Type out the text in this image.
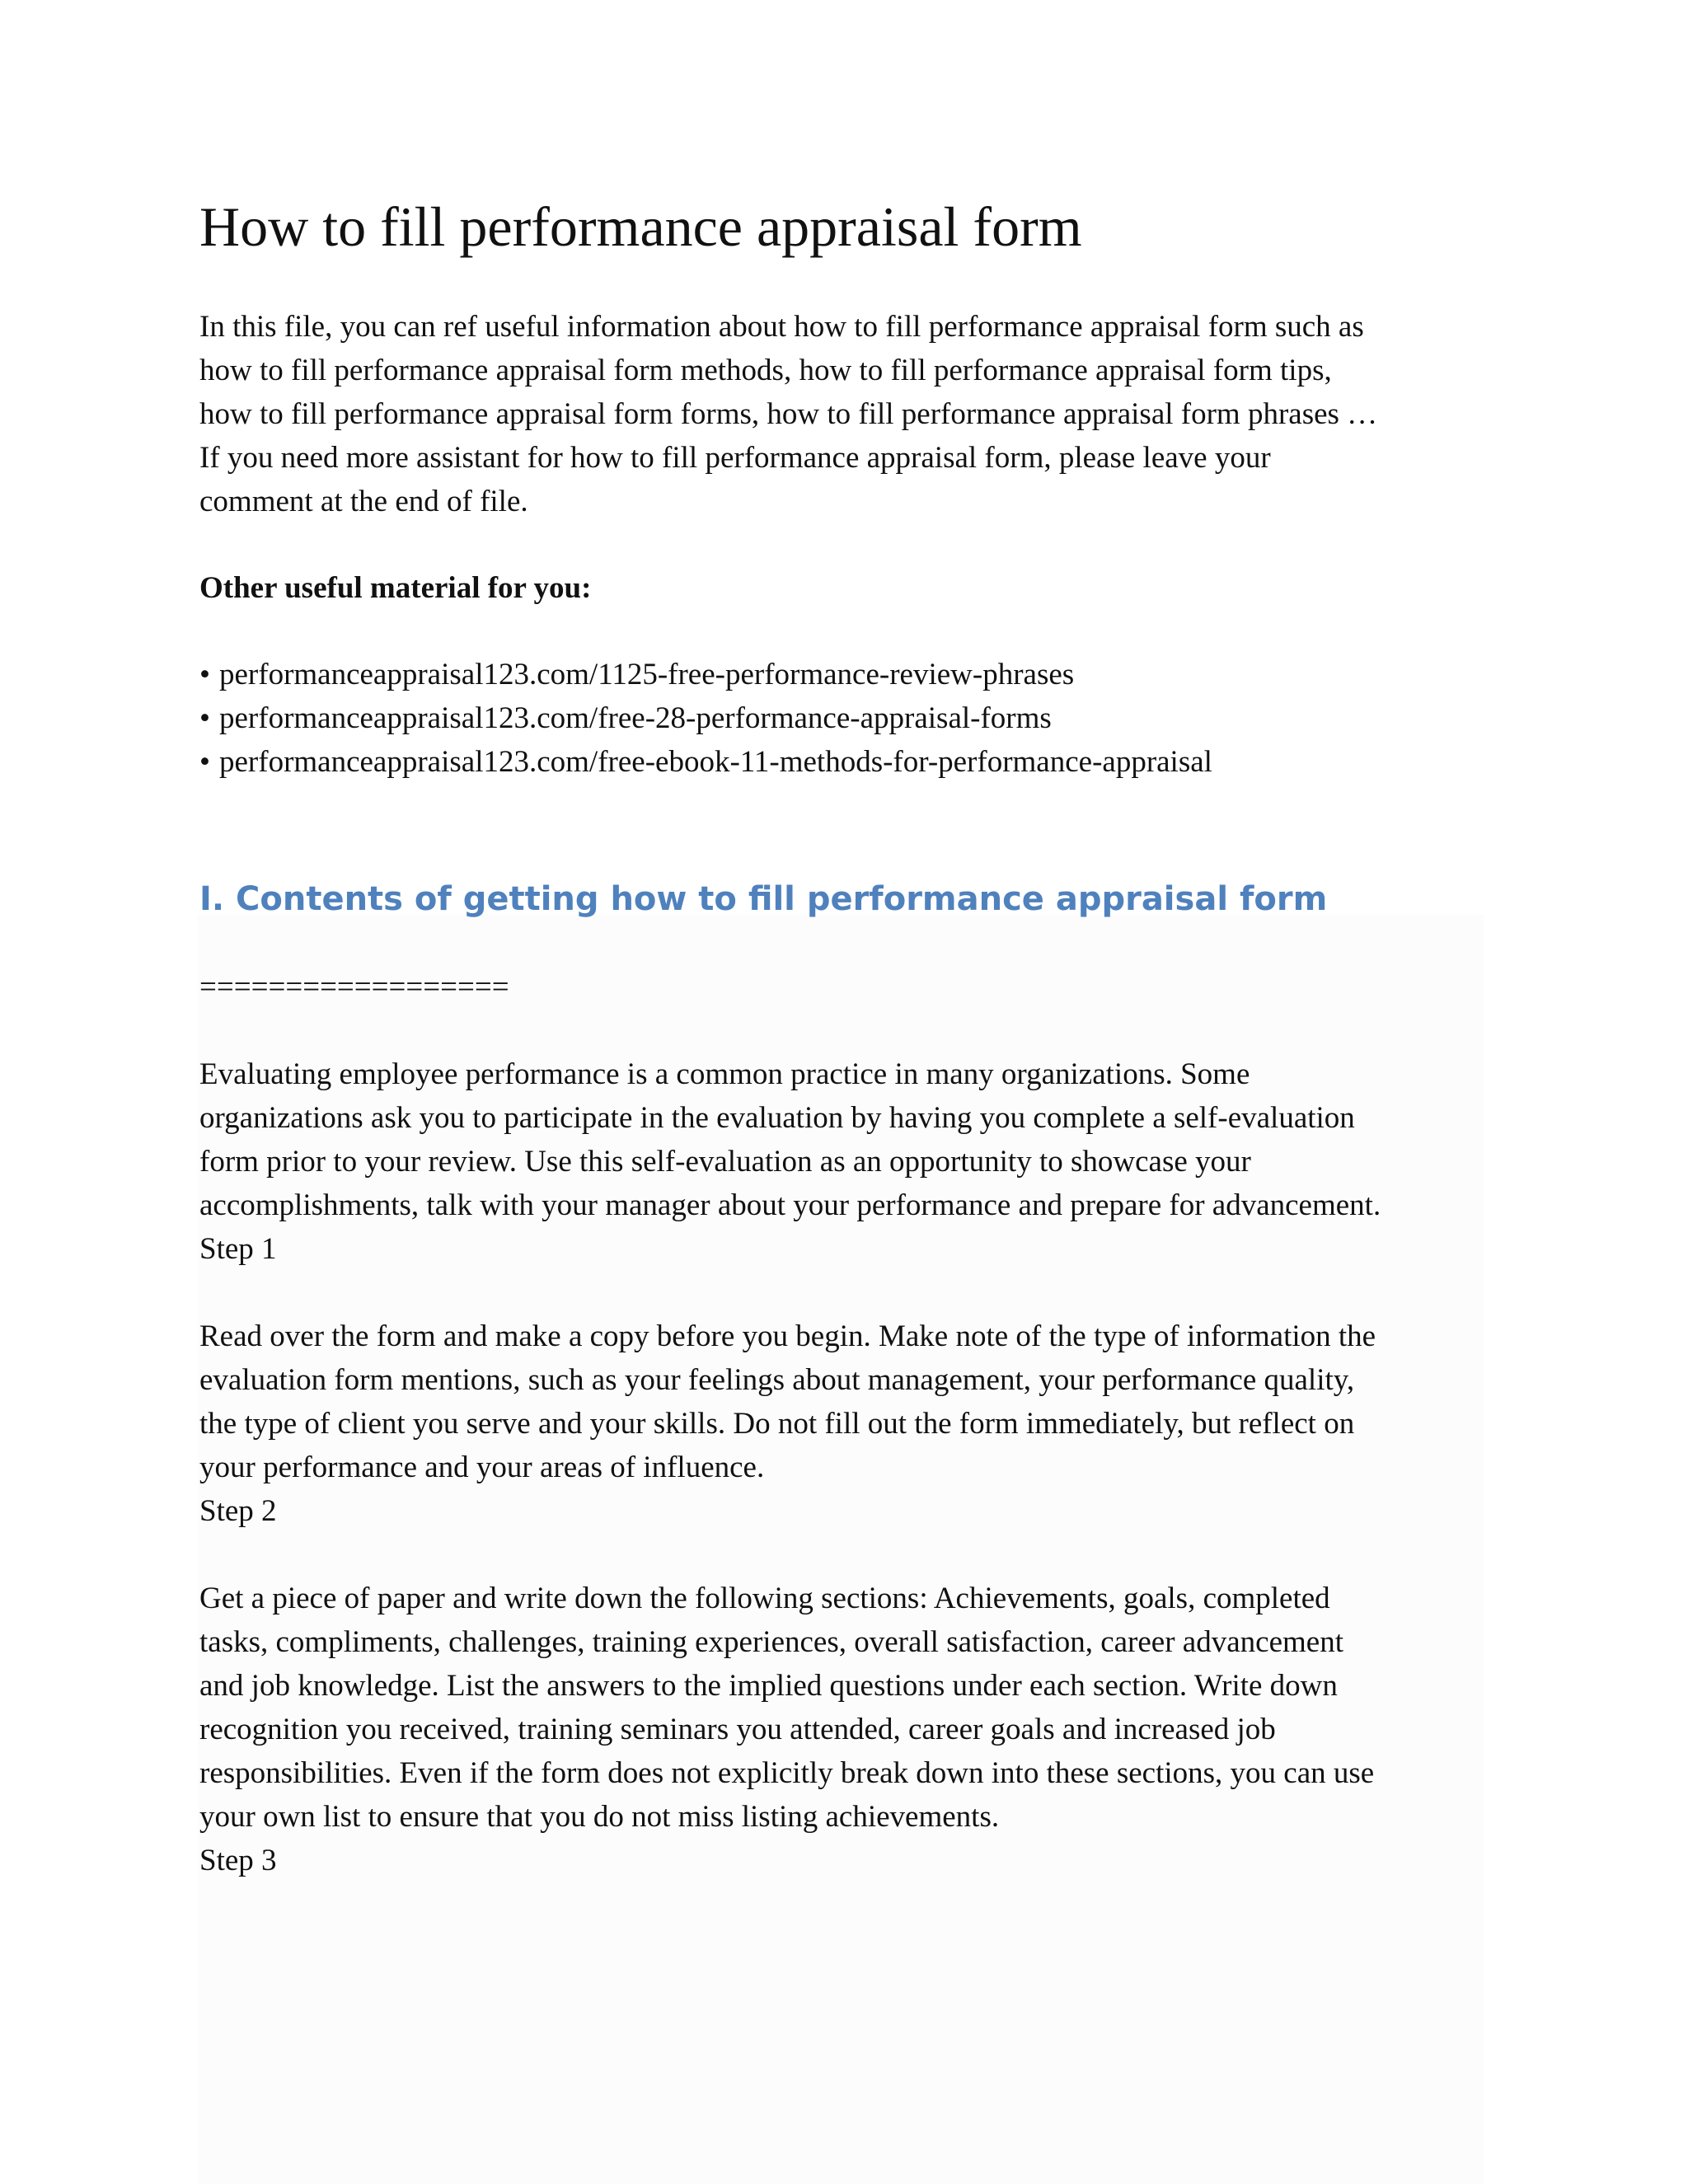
How to fill performance appraisal form
In this file, you can ref useful information about how to fill performance appraisal form such as
how to fill performance appraisal form methods, how to fill performance appraisal form tips,
how to fill performance appraisal form forms, how to fill performance appraisal form phrases …
If you need more assistant for how to fill performance appraisal form, please leave your
comment at the end of file.
Other useful material for you:
• performanceappraisal123.com/1125-free-performance-review-phrases
• performanceappraisal123.com/free-28-performance-appraisal-forms
• performanceappraisal123.com/free-ebook-11-methods-for-performance-appraisal
I. Contents of getting how to fill performance appraisal form
==================
Evaluating employee performance is a common practice in many organizations. Some
organizations ask you to participate in the evaluation by having you complete a self-evaluation
form prior to your review. Use this self-evaluation as an opportunity to showcase your
accomplishments, talk with your manager about your performance and prepare for advancement.
Step 1
Read over the form and make a copy before you begin. Make note of the type of information the
evaluation form mentions, such as your feelings about management, your performance quality,
the type of client you serve and your skills. Do not fill out the form immediately, but reflect on
your performance and your areas of influence.
Step 2
Get a piece of paper and write down the following sections: Achievements, goals, completed
tasks, compliments, challenges, training experiences, overall satisfaction, career advancement
and job knowledge. List the answers to the implied questions under each section. Write down
recognition you received, training seminars you attended, career goals and increased job
responsibilities. Even if the form does not explicitly break down into these sections, you can use
your own list to ensure that you do not miss listing achievements.
Step 3
